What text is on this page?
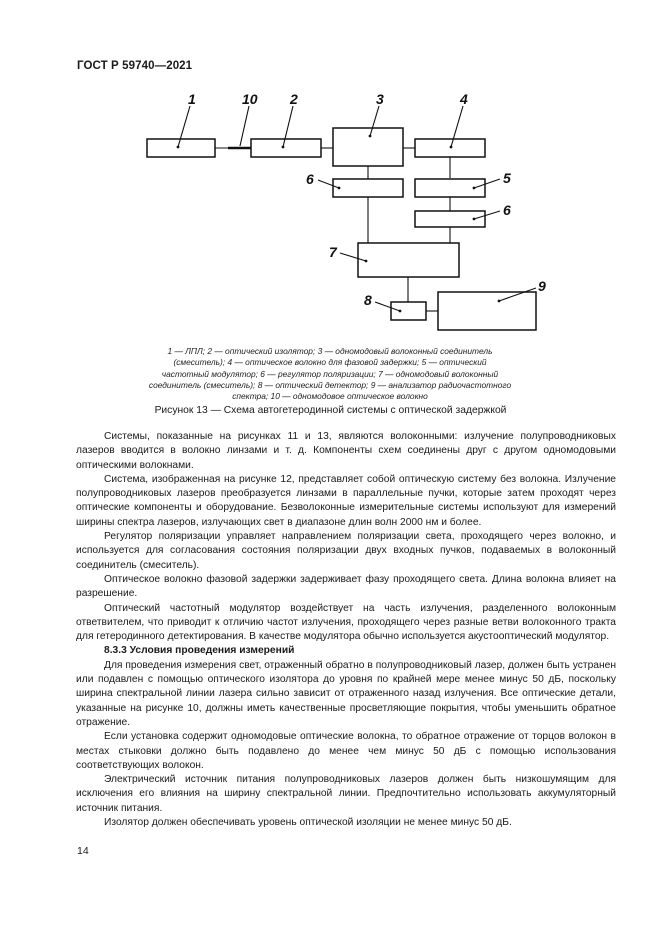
ГОСТ Р 59740—2021
1	10 2	3	4
6	5
6
7
8
9
1 — ЛПЛ; 2 — оптический изолятор; 3 — одномодовый волоконный соединитель
(смеситель); 4 — оптическое волокно для фазовой задержки; 5 — оптический
частотный модулятор; 6 — регулятор поляризации; 7 — одномодовый волоконный
соединитель (смеситель); 8 — оптический детектор; 9 — анализатор радиочастотного
спектра; 10 — одномодовое оптическое волокно
Рисунок 13 — Схема автогетеродинной системы с оптической задержкой

Системы, показанные на рисунках 11 и 13, являются волоконными: излучение полупроводниковых лазеров вводится в волокно линзами и т. д. Компоненты схем соединены друг с другом одномодовыми оптическими волокнами.

Система, изображенная на рисунке 12, представляет собой оптическую систему без волокна. Излучение полупроводниковых лазеров преобразуется линзами в параллельные пучки, которые затем проходят через оптические компоненты и оборудование. Безволоконные измерительные системы используют для измерений ширины спектра лазеров, излучающих свет в диапазоне длин волн 2000 нм и более.

Регулятор поляризации управляет направлением поляризации света, проходящего через волокно, и используется для согласования состояния поляризации двух входных пучков, подаваемых в волоконный соединитель (смеситель).

Оптическое волокно фазовой задержки задерживает фазу проходящего света. Длина волокна влияет на разрешение.

Оптический частотный модулятор воздействует на часть излучения, разделенного волоконным ответвителем, что приводит к отличию частот излучения, проходящего через разные ветви волоконного тракта для гетеродинного детектирования. В качестве модулятора обычно используется акустооптический модулятор.

8.3.3 Условия проведения измерений

Для проведения измерения свет, отраженный обратно в полупроводниковый лазер, должен быть устранен или подавлен с помощью оптического изолятора до уровня по крайней мере менее минус 50 дБ, поскольку ширина спектральной линии лазера сильно зависит от отраженного назад излучения. Все оптические детали, указанные на рисунке 10, должны иметь качественные просветляющие покрытия, чтобы уменьшить обратное отражение.

Если установка содержит одномодовые оптические волокна, то обратное отражение от торцов волокон в местах стыковки должно быть подавлено до менее чем минус 50 дБ с помощью использования соответствующих волокон.

Электрический источник питания полупроводниковых лазеров должен быть низкошумящим для исключения его влияния на ширину спектральной линии. Предпочтительно использовать аккумуляторный источник питания.

Изолятор должен обеспечивать уровень оптической изоляции не менее минус 50 дБ.

14
